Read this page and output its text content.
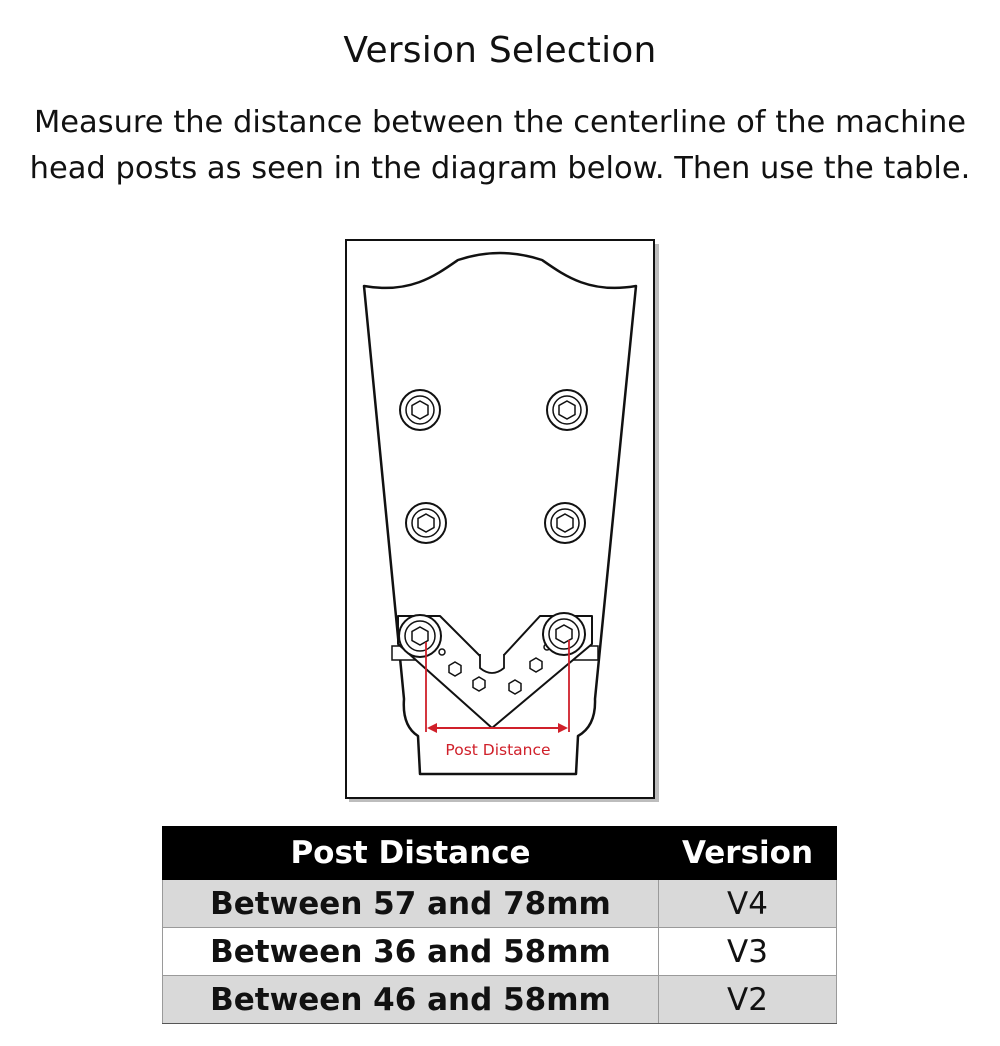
Version Selection
Measure the distance between the centerline of the machine
head posts as seen in the diagram below. Then use the table.
Post Distance
Post Distance	Version
Between 57 and 78mm	V4
Between 36 and 58mm	V3
Between 46 and 58mm	V2
